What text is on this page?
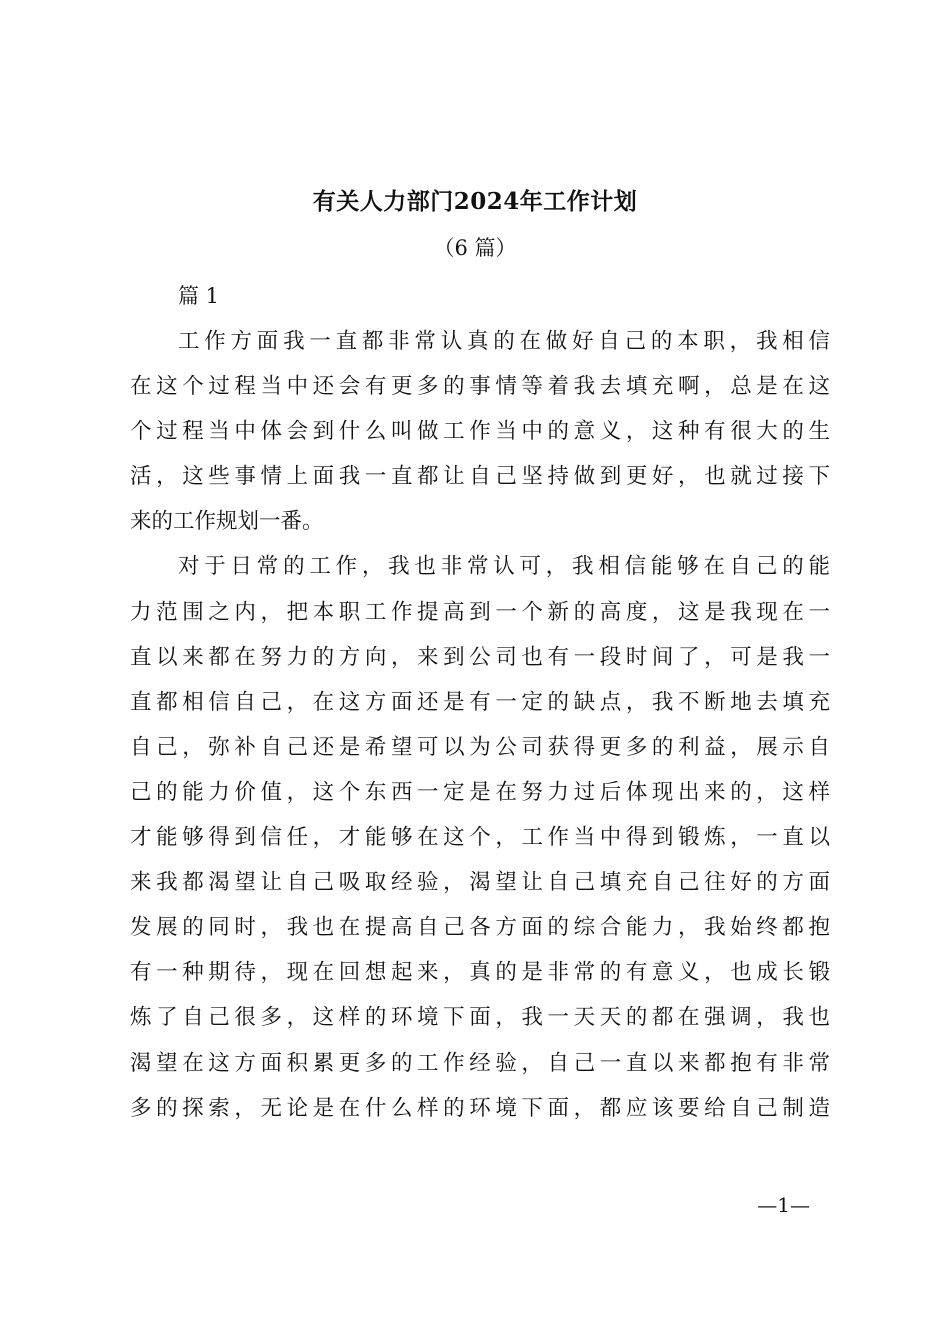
有关人力部门2024年工作计划
（6 篇）
篇 1
工作方面我一直都非常认真的在做好自己的本职，我相信
在这个过程当中还会有更多的事情等着我去填充啊，总是在这
个过程当中体会到什么叫做工作当中的意义，这种有很大的生
活，这些事情上面我一直都让自己坚持做到更好，也就过接下
来的工作规划一番。
对于日常的工作，我也非常认可，我相信能够在自己的能
力范围之内，把本职工作提高到一个新的高度，这是我现在一
直以来都在努力的方向，来到公司也有一段时间了，可是我一
直都相信自己，在这方面还是有一定的缺点，我不断地去填充
自己，弥补自己还是希望可以为公司获得更多的利益，展示自
己的能力价值，这个东西一定是在努力过后体现出来的，这样
才能够得到信任，才能够在这个，工作当中得到锻炼，一直以
来我都渴望让自己吸取经验，渴望让自己填充自己往好的方面
发展的同时，我也在提高自己各方面的综合能力，我始终都抱
有一种期待，现在回想起来，真的是非常的有意义，也成长锻
炼了自己很多，这样的环境下面，我一天天的都在强调，我也
渴望在这方面积累更多的工作经验，自己一直以来都抱有非常
多的探索，无论是在什么样的环境下面，都应该要给自己制造
—1—
